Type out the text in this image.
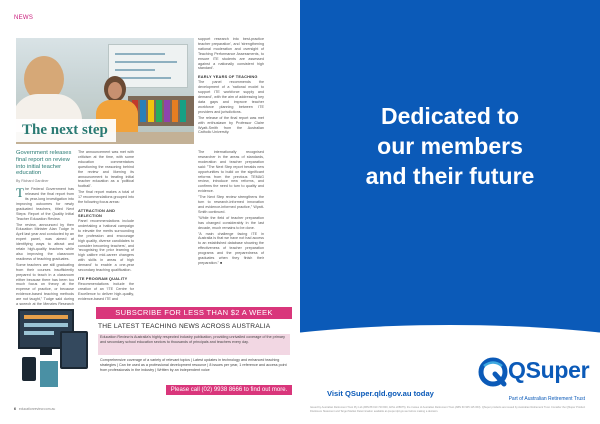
NEWS
The next step
Government releases final report on review into initial teacher education
By Richard Gardiner
The Federal Government has released the final report from its year-long investigation into improving outcomes for newly graduated teachers, titled Next Steps: Report of the Quality Initial Teacher Education Review.
The review, announced by then Education Minister Alan Tudge in April last year and conducted by an expert panel, was aimed at identifying ways to attract and retain high-quality teachers while also improving the classroom readiness of teaching graduates.
Some teachers are still graduating from their courses insufficiently prepared to teach in a classroom either because there has been too much focus on theory at the expense of practice, or because evidence-based teaching methods are not taught," Tudge said during
The announcement was met with criticism at the time, with some education commentators questioning the reasoning behind the review and likening its announcement to treating initial teacher education as a 'political football'.
The final report makes a total of 17 recommendations grouped into the following focus areas:
ATTRACTION AND SELECTION
Panel recommendations include undertaking a 'national campaign to elevate the merits surrounding the profession and encourage high quality, diverse candidates to consider becoming teachers', and 'recognising the prior learning of high calibre mid-career changers with skills in areas of high demand' to enable a one-year secondary teaching qualification.
ITE PROGRAM QUALITY
Recommendations include the creation of an 'ITE Centre for Excellence to deliver high-quality, evidence-based ITE and
support research into best-practice teacher preparation', and 'strengthening national moderation and oversight of Teaching Performance Assessments, to ensure ITE students are assessed against a nationally consistent high standard'.
EARLY YEARS OF TEACHING
The panel recommends the development of a 'national model to support ITE workforce supply and demand', with the aim of addressing key data gaps and improve teacher workforce planning between ITE providers and jurisdictions.
The release of the final report was met with enthusiasm by Professor Claire Wyatt-Smith from the Australian Catholic University.
The internationally recognised researcher in the areas of standards, moderation and teacher preparation said: "The Next Step report heralds new opportunities to build on the significant reforms from the previous TEMAG review, introduce new reforms, and confirms the need to turn to quality and evidence.
"The Next Step review strengthens the turn to research-informed innovation and evidence-informed practice," Wyatt-Smith continued.
"While the field of teacher preparation has changed considerably in the last decade, much remains to be done.
"A main challenge facing ITE in Australia is that we have not had access to an established database showing the effectiveness of teacher preparation programs and the preparedness of graduates when they finish their preparation." ■
SUBSCRIBE FOR LESS THAN $2 A WEEK
THE LATEST TEACHING NEWS ACROSS AUSTRALIA
Education Review is Australia's highly respected industry publication, providing unrivalled coverage of the primary and secondary school education sectors to thousands of principals and teachers every day.
Comprehensive coverage of a variety of relevant topics | Latest updates in technology and enhanced teaching strategies | Can be used as a professional development resource | 8 issues per year, 1 reference and access point from professionals in the industry | Written by an independent voice
Please call (02) 9938 8666 to find out more.
6 educationreview.com.au
Dedicated to
our members
and their future
Visit QSuper.qld.gov.au today
QSuper
Part of Australian Retirement Trust
Issued by Australian Retirement Trust Pty Ltd (ABN 88 010 720 840, AFSL 228975), the trustee of Australian Retirement Trust (ABN 60 905 115 063). QSuper products are issued by Australian Retirement Trust. Consider the QSuper Product Disclosure Statement and Target Market Determination available at qsuper.qld.gov.au before making a decision.
